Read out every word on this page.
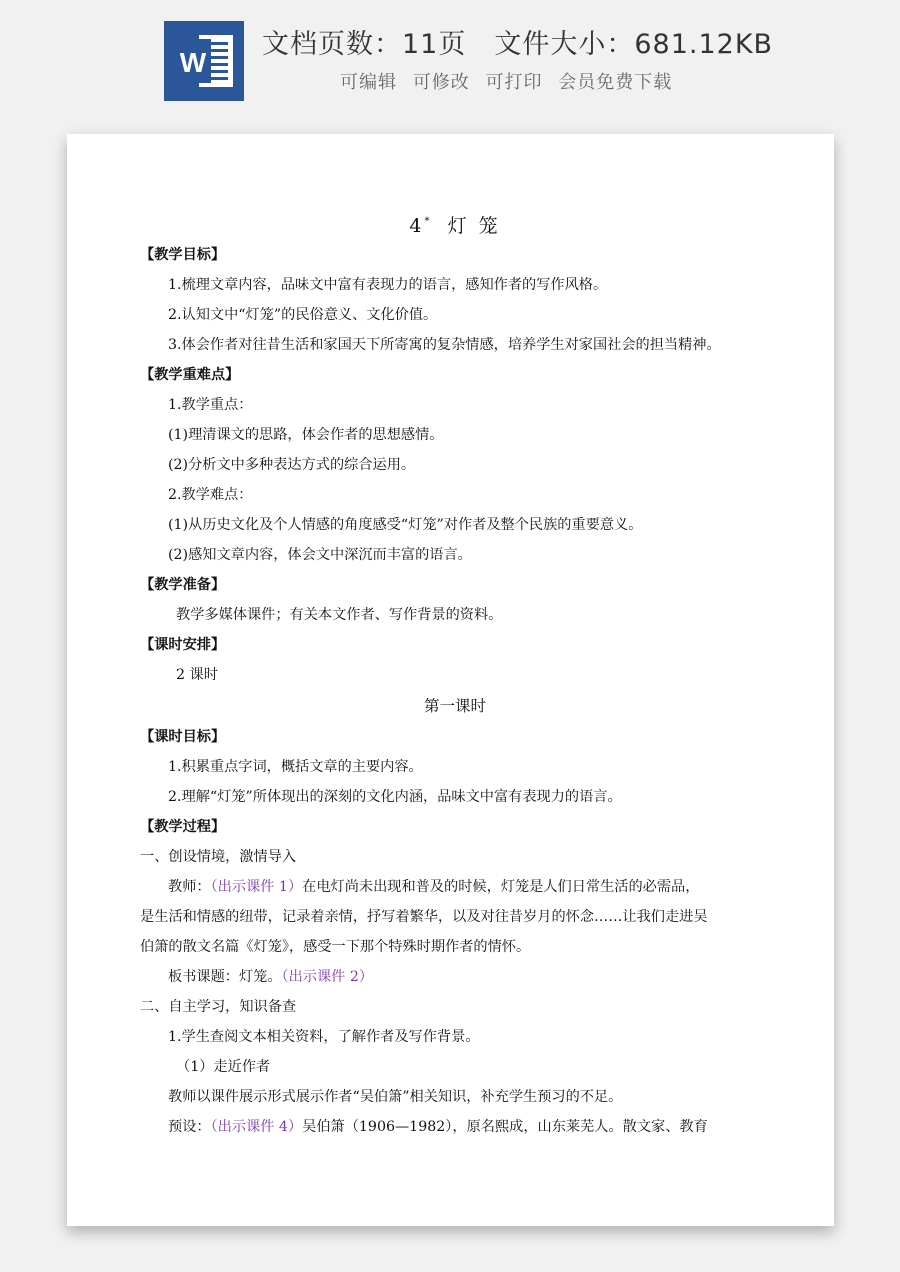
W
文档页数：11页 文件大小：681.12KB
可编辑 可修改 可打印 会员免费下载
4* 灯 笼
【教学目标】
1.梳理文章内容，品味文中富有表现力的语言，感知作者的写作风格。
2.认知文中“灯笼”的民俗意义、文化价值。
3.体会作者对往昔生活和家国天下所寄寓的复杂情感，培养学生对家国社会的担当精神。
【教学重难点】
1.教学重点：
(1)理清课文的思路，体会作者的思想感情。
(2)分析文中多种表达方式的综合运用。
2.教学难点：
(1)从历史文化及个人情感的角度感受“灯笼”对作者及整个民族的重要意义。
(2)感知文章内容，体会文中深沉而丰富的语言。
【教学准备】
教学多媒体课件；有关本文作者、写作背景的资料。
【课时安排】
2 课时
第一课时
【课时目标】
1.积累重点字词，概括文章的主要内容。
2.理解“灯笼”所体现出的深刻的文化内涵，品味文中富有表现力的语言。
【教学过程】
一、创设情境，激情导入
教师：（出示课件 1）在电灯尚未出现和普及的时候，灯笼是人们日常生活的必需品，
是生活和情感的纽带，记录着亲情，抒写着繁华，以及对往昔岁月的怀念……让我们走进吴
伯箫的散文名篇《灯笼》，感受一下那个特殊时期作者的情怀。
板书课题：灯笼。（出示课件 2）
二、自主学习，知识备查
1.学生查阅文本相关资料，了解作者及写作背景。
（1）走近作者
教师以课件展示形式展示作者“吴伯箫”相关知识，补充学生预习的不足。
预设：（出示课件 4）吴伯箫（1906—1982），原名熙成，山东莱芜人。散文家、教育
